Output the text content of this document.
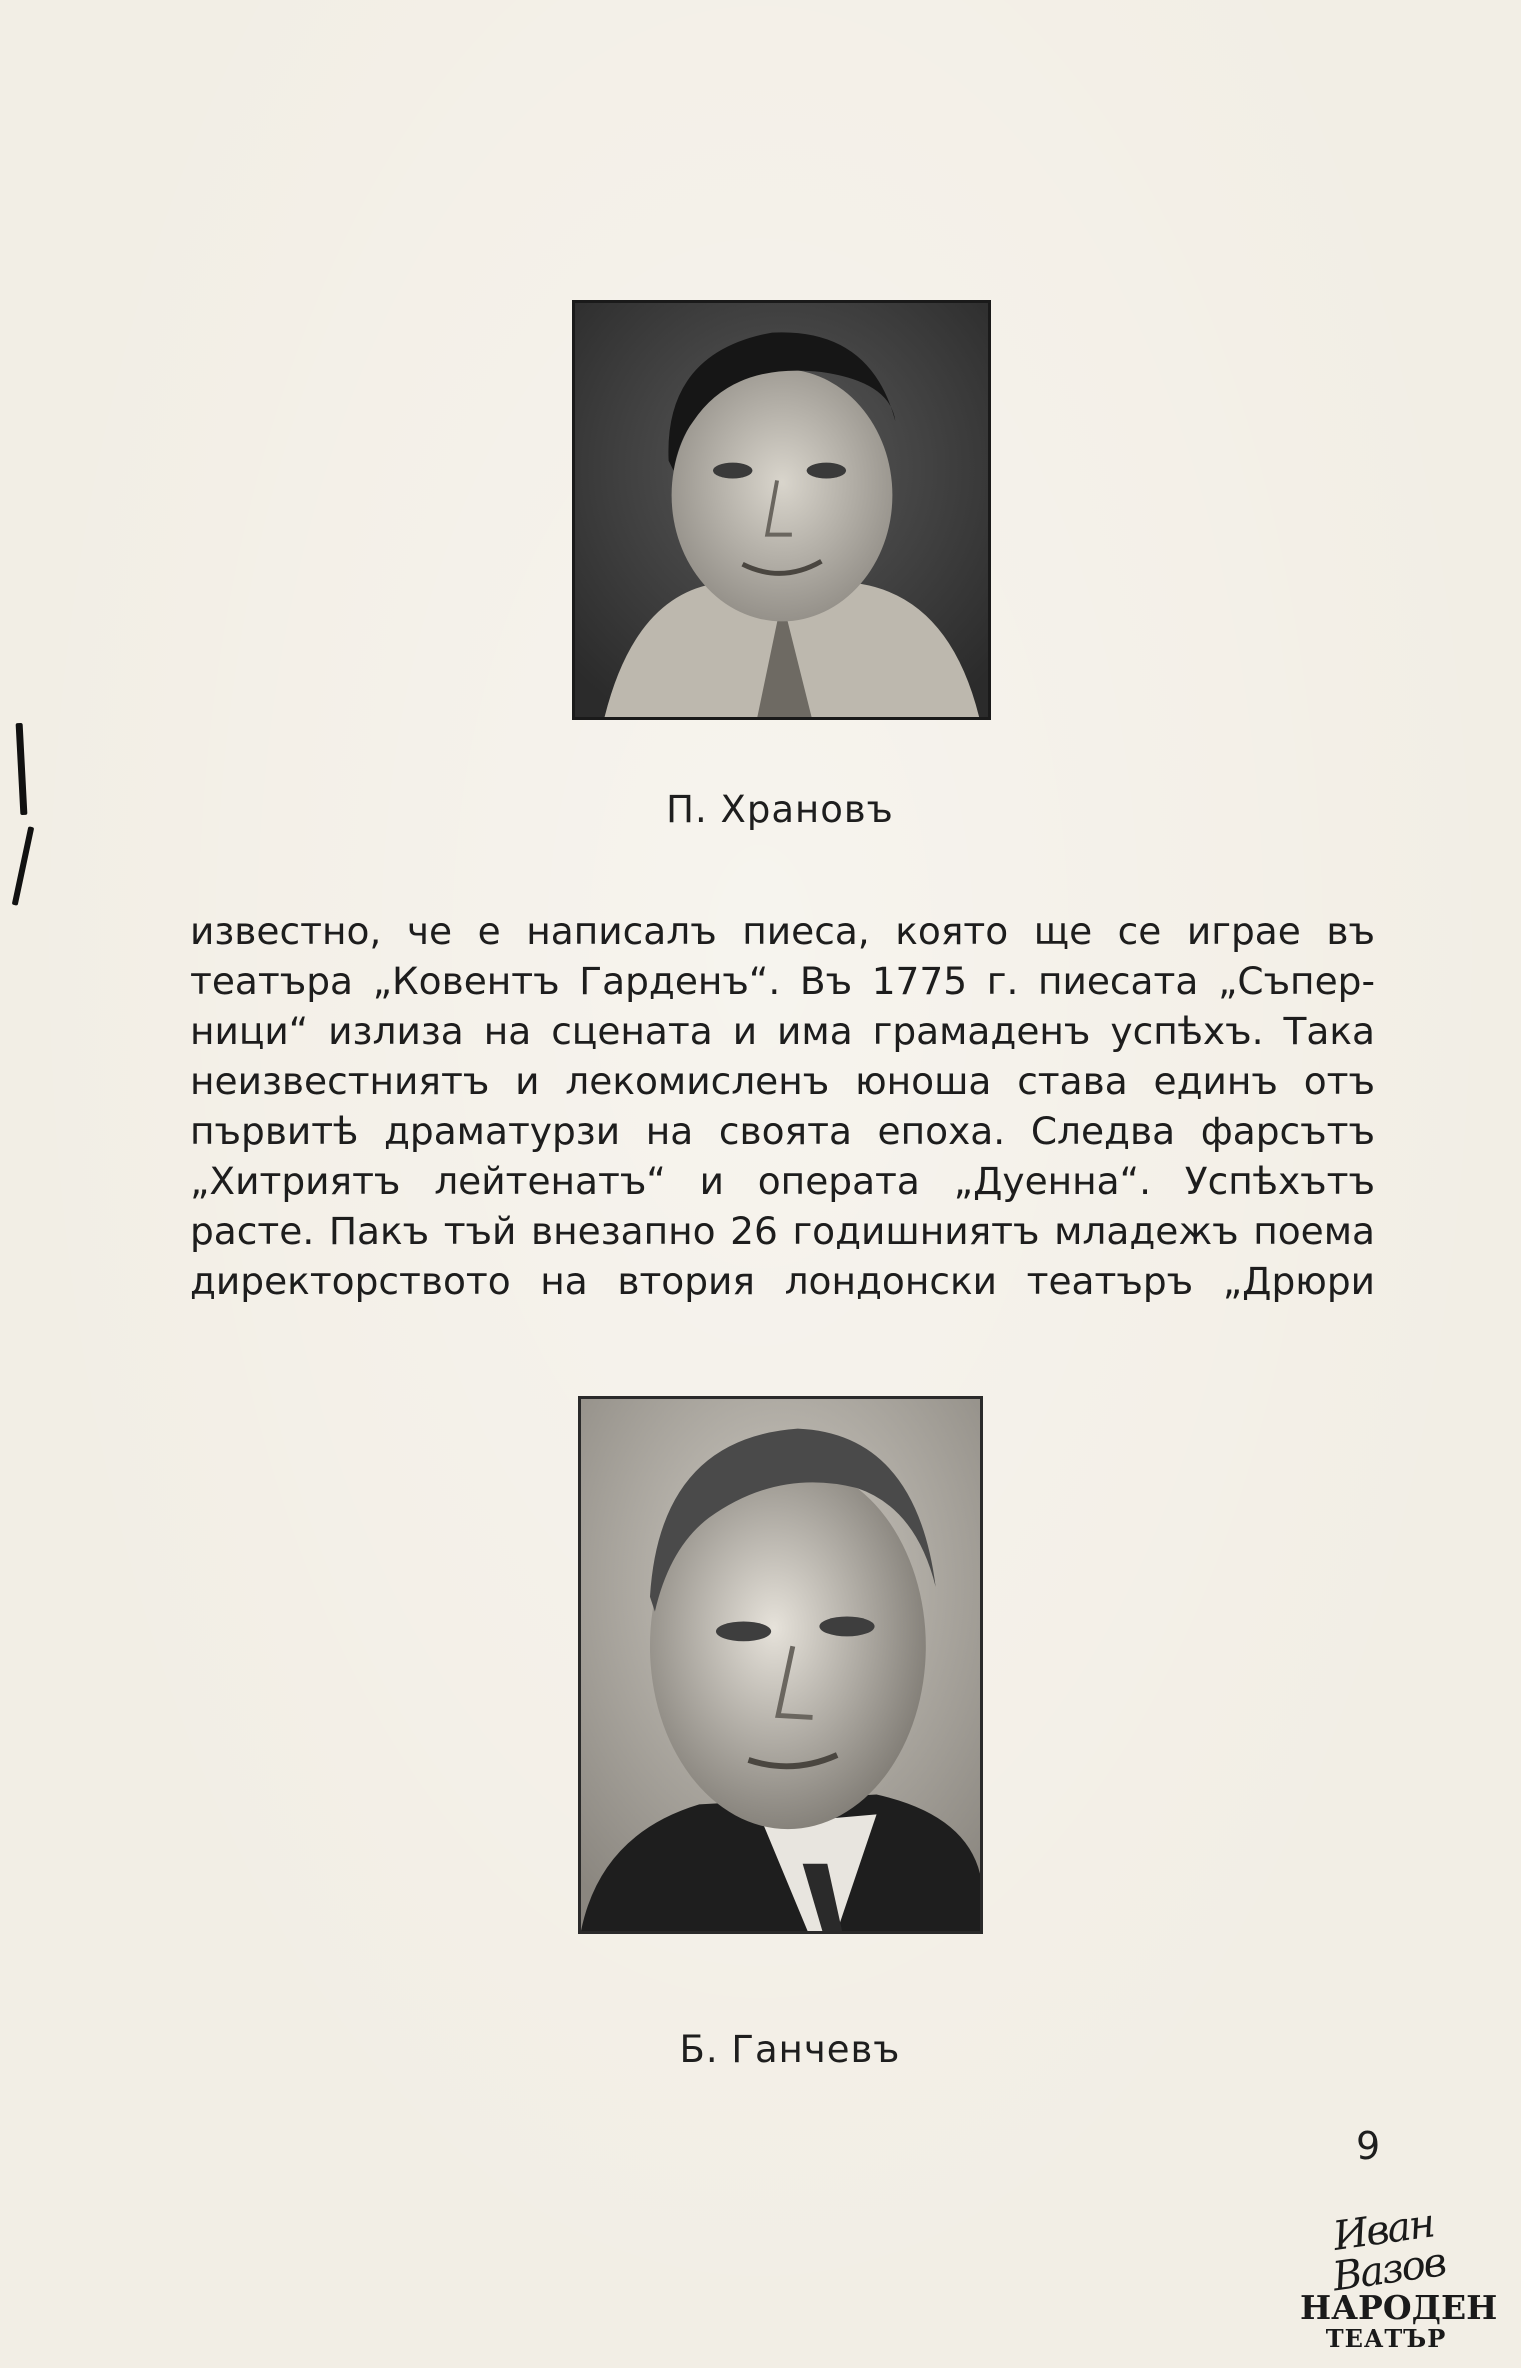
П. Храновъ
известно, че е написалъ пиеса, която ще се играе въ
театъра „Ковентъ Гарденъ“. Въ 1775 г. пиесата „Съпер-
ници“ излиза на сцената и има грамаденъ успѣхъ. Така
неизвестниятъ и лекомисленъ юноша става единъ отъ
първитѣ драматурзи на своята епоха. Следва фарсътъ
„Хитриятъ лейтенатъ“ и операта „Дуенна“. Успѣхътъ
расте. Пакъ тъй внезапно 26 годишниятъ младежъ поема
директорството на втория лондонски театъръ „Дрюри
Б. Ганчевъ
9
Иван Вазов
НАРОДЕН
ТЕАТЪР
